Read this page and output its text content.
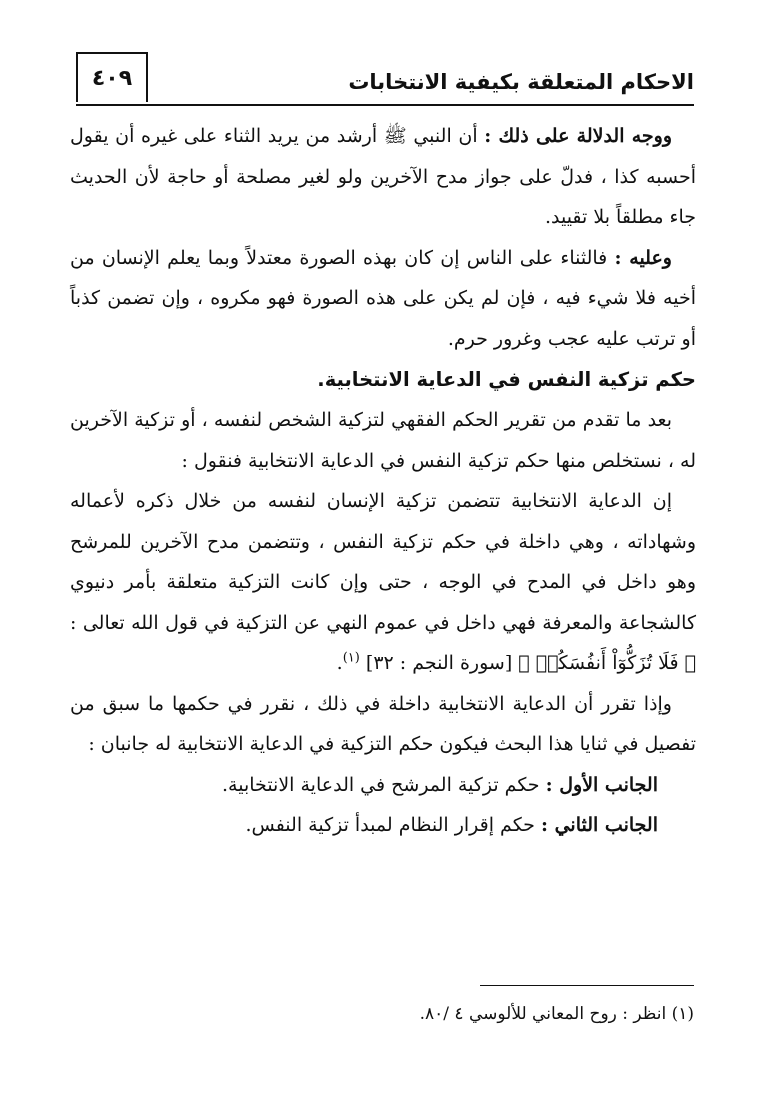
الاحكام المتعلقة بكيفية الانتخابات
٤٠٩

ووجه الدلالة على ذلك : أن النبي ﷺ أرشد من يريد الثناء على غيره أن يقول أحسبه كذا ، فدلّ على جواز مدح الآخرين ولو لغير مصلحة أو حاجة لأن الحديث جاء مطلقاً بلا تقييد.

وعليه : فالثناء على الناس إن كان بهذه الصورة معتدلاً وبما يعلم الإنسان من أخيه فلا شيء فيه ، فإن لم يكن على هذه الصورة فهو مكروه ، وإن تضمن كذباً أو ترتب عليه عجب وغرور حرم.

حكم تزكية النفس في الدعاية الانتخابية.

بعد ما تقدم من تقرير الحكم الفقهي لتزكية الشخص لنفسه ، أو تزكية الآخرين له ، نستخلص منها حكم تزكية النفس في الدعاية الانتخابية فنقول :

إن الدعاية الانتخابية تتضمن تزكية الإنسان لنفسه من خلال ذكره لأعماله وشهاداته ، وهي داخلة في حكم تزكية النفس ، وتتضمن مدح الآخرين للمرشح وهو داخل في المدح في الوجه ، حتى وإن كانت التزكية متعلقة بأمر دنيوي كالشجاعة والمعرفة فهي داخل في عموم النهي عن التزكية في قول الله تعالى : ﴿ فَلَا تُزَكُّوٓاْ أَنفُسَكُمۡ ﴾ [سورة النجم : ٣٢] $^{(١)}$.

وإذا تقرر أن الدعاية الانتخابية داخلة في ذلك ، نقرر في حكمها ما سبق من تفصيل في ثنايا هذا البحث فيكون حكم التزكية في الدعاية الانتخابية له جانبان :

الجانب الأول : حكم تزكية المرشح في الدعاية الانتخابية.

الجانب الثاني : حكم إقرار النظام لمبدأ تزكية النفس.

(١) انظر : روح المعاني للألوسي ٤ /٨٠.
